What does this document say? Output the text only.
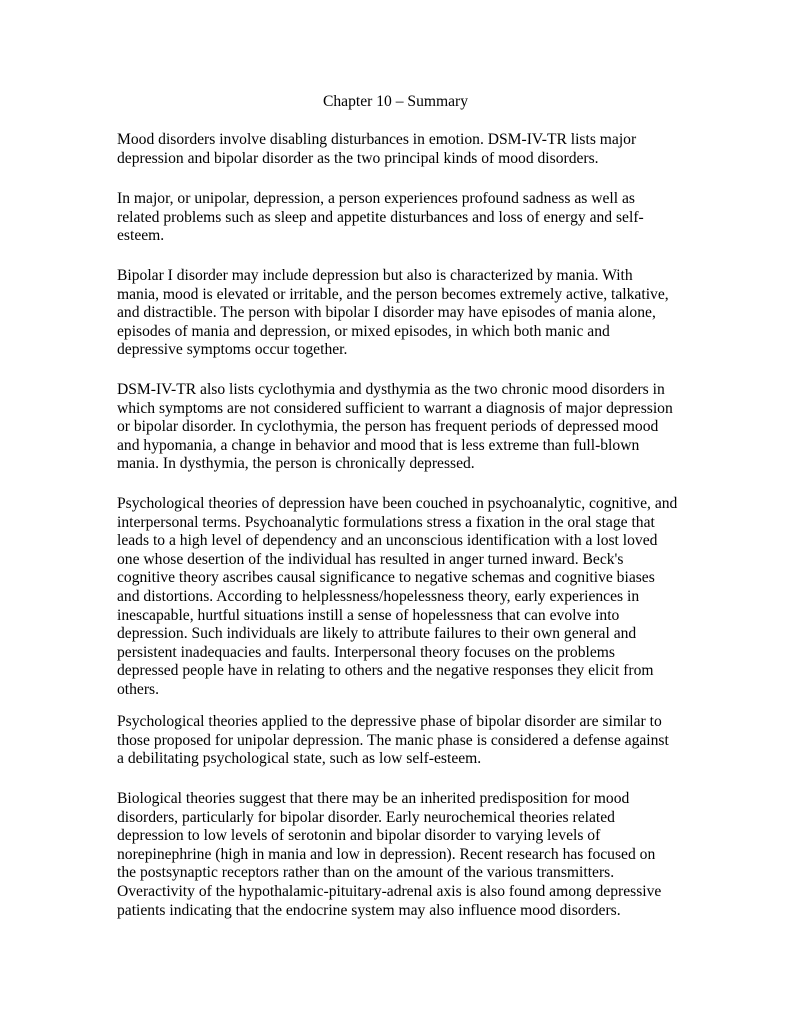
Chapter 10 – Summary

Mood disorders involve disabling disturbances in emotion. DSM-IV-TR lists major
depression and bipolar disorder as the two principal kinds of mood disorders.

In major, or unipolar, depression, a person experiences profound sadness as well as
related problems such as sleep and appetite disturbances and loss of energy and self-
esteem.

Bipolar I disorder may include depression but also is characterized by mania. With
mania, mood is elevated or irritable, and the person becomes extremely active, talkative,
and distractible. The person with bipolar I disorder may have episodes of mania alone,
episodes of mania and depression, or mixed episodes, in which both manic and
depressive symptoms occur together.

DSM-IV-TR also lists cyclothymia and dysthymia as the two chronic mood disorders in
which symptoms are not considered sufficient to warrant a diagnosis of major depression
or bipolar disorder. In cyclothymia, the person has frequent periods of depressed mood
and hypomania, a change in behavior and mood that is less extreme than full-blown
mania. In dysthymia, the person is chronically depressed.

Psychological theories of depression have been couched in psychoanalytic, cognitive, and
interpersonal terms. Psychoanalytic formulations stress a fixation in the oral stage that
leads to a high level of dependency and an unconscious identification with a lost loved
one whose desertion of the individual has resulted in anger turned inward. Beck's
cognitive theory ascribes causal significance to negative schemas and cognitive biases
and distortions. According to helplessness/hopelessness theory, early experiences in
inescapable, hurtful situations instill a sense of hopelessness that can evolve into
depression. Such individuals are likely to attribute failures to their own general and
persistent inadequacies and faults. Interpersonal theory focuses on the problems
depressed people have in relating to others and the negative responses they elicit from
others.

Psychological theories applied to the depressive phase of bipolar disorder are similar to
those proposed for unipolar depression. The manic phase is considered a defense against
a debilitating psychological state, such as low self-esteem.

Biological theories suggest that there may be an inherited predisposition for mood
disorders, particularly for bipolar disorder. Early neurochemical theories related
depression to low levels of serotonin and bipolar disorder to varying levels of
norepinephrine (high in mania and low in depression). Recent research has focused on
the postsynaptic receptors rather than on the amount of the various transmitters.
Overactivity of the hypothalamic-pituitary-adrenal axis is also found among depressive
patients indicating that the endocrine system may also influence mood disorders.
